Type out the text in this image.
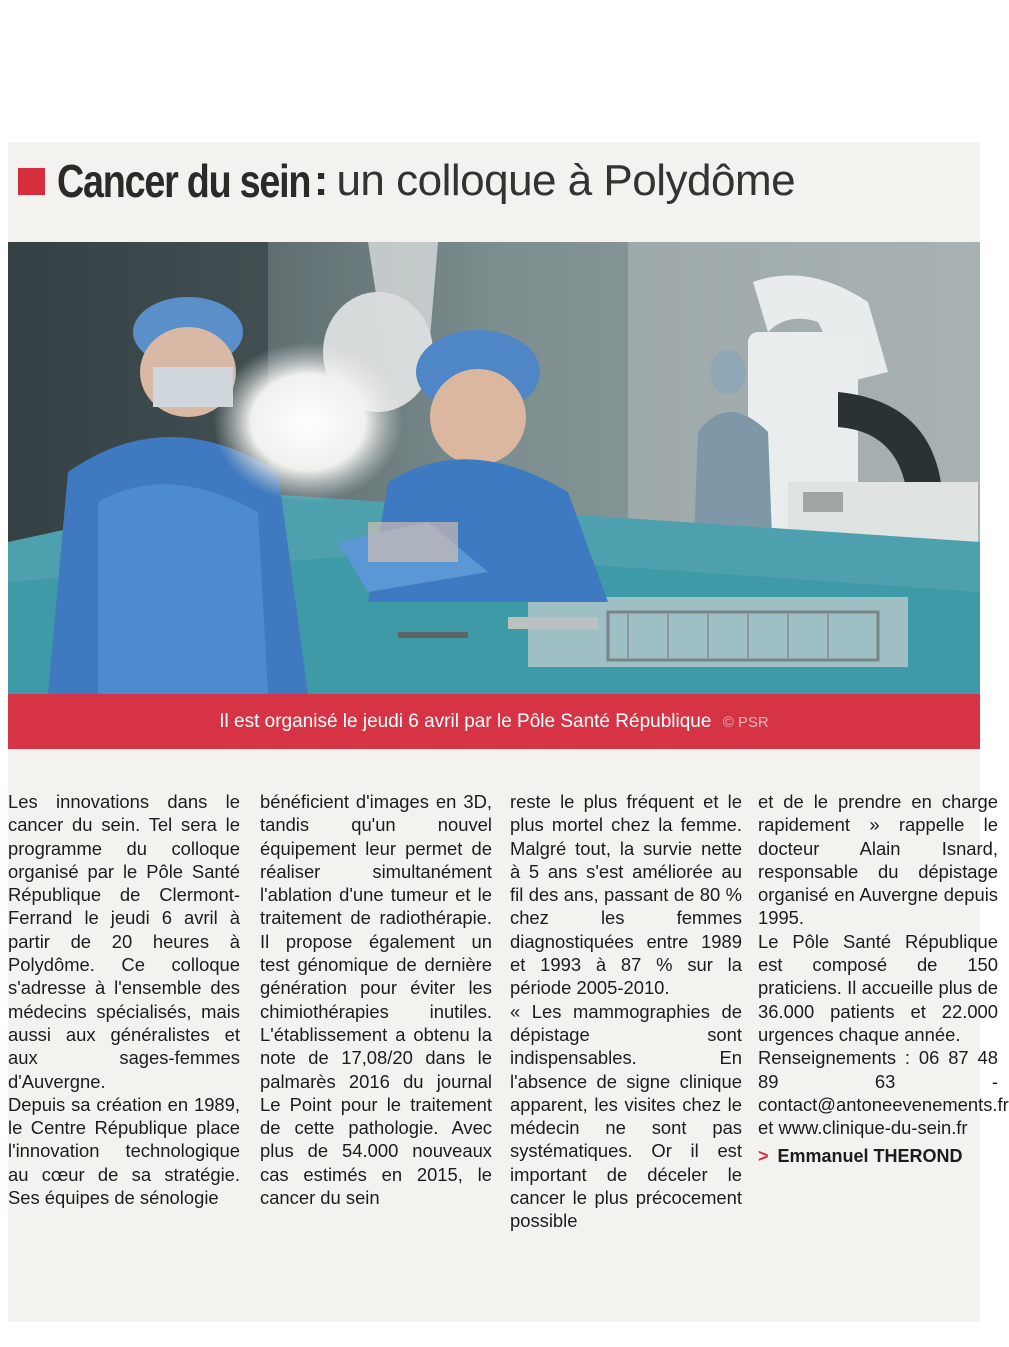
Cancer du sein : un colloque à Polydôme
Il est organisé le jeudi 6 avril par le Pôle Santé République © PSR

Les innovations dans le cancer du sein. Tel sera le programme du colloque organisé par le Pôle Santé République de Clermont-Ferrand le jeudi 6 avril à partir de 20 heures à Polydôme. Ce colloque s'adresse à l'ensemble des médecins spécialisés, mais aussi aux généralistes et aux sages-femmes d'Auvergne.

Depuis sa création en 1989, le Centre République place l'innovation technologique au cœur de sa stratégie. Ses équipes de sénologie

bénéficient d'images en 3D, tandis qu'un nouvel équipement leur permet de réaliser simultanément l'ablation d'une tumeur et le traitement de radiothérapie. Il propose également un test génomique de dernière génération pour éviter les chimiothérapies inutiles. L'établissement a obtenu la note de 17,08/20 dans le palmarès 2016 du journal Le Point pour le traitement de cette pathologie. Avec plus de 54.000 nouveaux cas estimés en 2015, le cancer du sein

reste le plus fréquent et le plus mortel chez la femme. Malgré tout, la survie nette à 5 ans s'est améliorée au fil des ans, passant de 80 % chez les femmes diagnostiquées entre 1989 et 1993 à 87 % sur la période 2005-2010.

« Les mammographies de dépistage sont indispensables. En l'absence de signe clinique apparent, les visites chez le médecin ne sont pas systématiques. Or il est important de déceler le cancer le plus précocement possible

et de le prendre en charge rapidement » rappelle le docteur Alain Isnard, responsable du dépistage organisé en Auvergne depuis 1995.

Le Pôle Santé République est composé de 150 praticiens. Il accueille plus de 36.000 patients et 22.000 urgences chaque année.

Renseignements : 06 87 48 89 63 - contact@antoneevenements.fr et www.clinique-du-sein.fr

> Emmanuel THEROND
